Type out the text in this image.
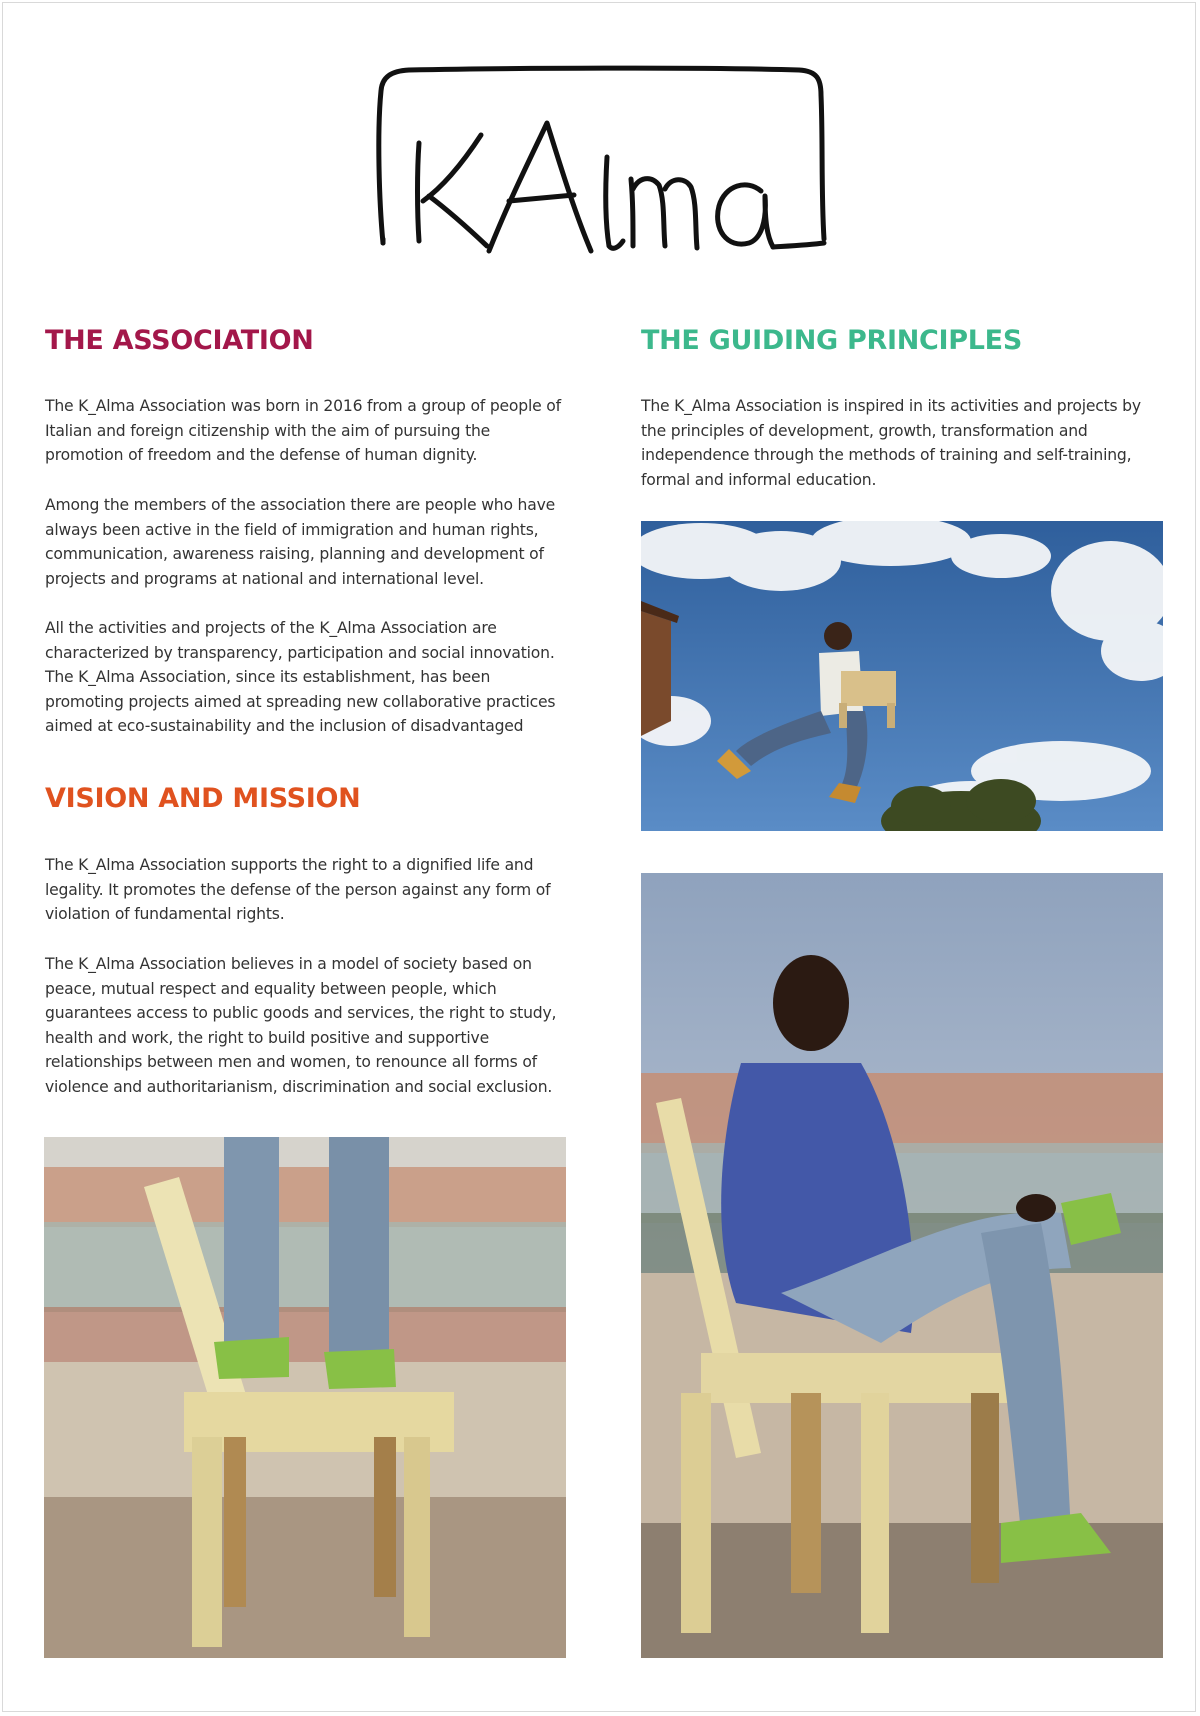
THE ASSOCIATION

The K_Alma Association was born in 2016 from a group of people of Italian and foreign citizenship with the aim of pursuing the promotion of freedom and the defense of human dignity.

Among the members of the association there are people who have always been active in the field of immigration and human rights, communication, awareness raising, planning and development of projects and programs at national and international level.

All the activities and projects of the K_Alma Association are characterized by transparency, participation and social innovation. The K_Alma Association, since its establishment, has been promoting projects aimed at spreading new collaborative practices aimed at eco-sustainability and the inclusion of disadvantaged

THE GUIDING PRINCIPLES

The K_Alma Association is inspired in its activities and projects by the principles of development, growth, transformation and independence through the methods of training and self-training, formal and informal education.

VISION AND MISSION

The K_Alma Association supports the right to a dignified life and legality. It promotes the defense of the person against any form of violation of fundamental rights.

The K_Alma Association believes in a model of society based on peace, mutual respect and equality between people, which guarantees access to public goods and services, the right to study, health and work, the right to build positive and supportive relationships between men and women, to renounce all forms of violence and authoritarianism, discrimination and social exclusion.
